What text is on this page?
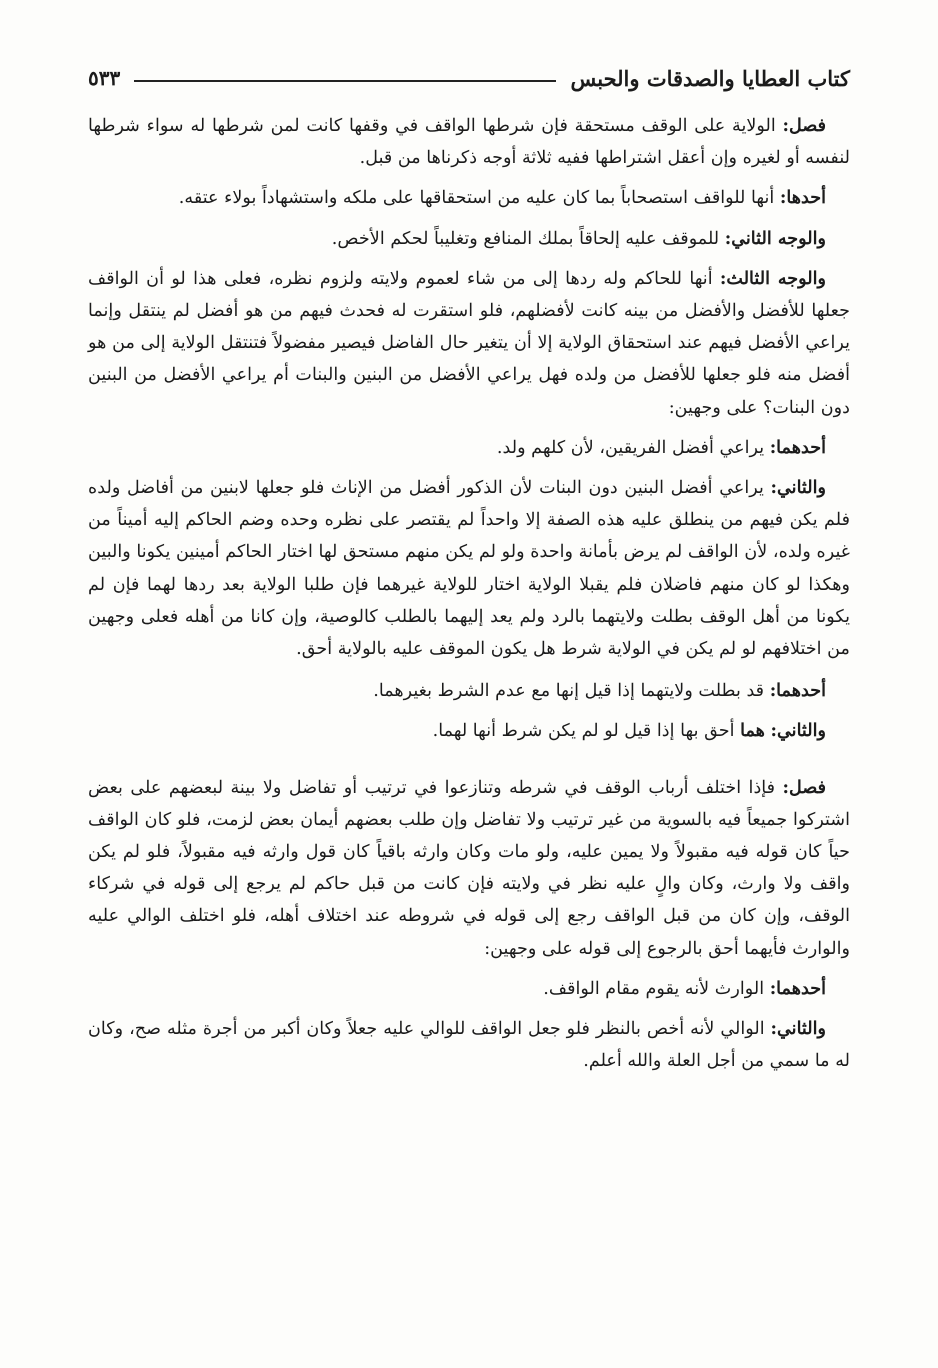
كتاب العطايا والصدقات والحبس
٥٣٣

فصل: الولاية على الوقف مستحقة فإن شرطها الواقف في وقفها كانت لمن شرطها له سواء شرطها لنفسه أو لغيره وإن أعقل اشتراطها ففيه ثلاثة أوجه ذكرناها من قبل.

أحدها: أنها للواقف استصحاباً بما كان عليه من استحقاقها على ملكه واستشهاداً بولاء عتقه.

والوجه الثاني: للموقف عليه إلحاقاً بملك المنافع وتغليباً لحكم الأخص.

والوجه الثالث: أنها للحاكم وله ردها إلى من شاء لعموم ولايته ولزوم نظره، فعلى هذا لو أن الواقف جعلها للأفضل والأفضل من بينه كانت لأفضلهم، فلو استقرت له فحدث فيهم من هو أفضل لم ينتقل وإنما يراعي الأفضل فيهم عند استحقاق الولاية إلا أن يتغير حال الفاضل فيصير مفضولاً فتنتقل الولاية إلى من هو أفضل منه فلو جعلها للأفضل من ولده فهل يراعي الأفضل من البنين والبنات أم يراعي الأفضل من البنين دون البنات؟ على وجهين:

أحدهما: يراعي أفضل الفريقين، لأن كلهم ولد.

والثاني: يراعي أفضل البنين دون البنات لأن الذكور أفضل من الإناث فلو جعلها لابنين من أفاضل ولده فلم يكن فيهم من ينطلق عليه هذه الصفة إلا واحداً لم يقتصر على نظره وحده وضم الحاكم إليه أميناً من غيره ولده، لأن الواقف لم يرض بأمانة واحدة ولو لم يكن منهم مستحق لها اختار الحاكم أمينين يكونا والبين وهكذا لو كان منهم فاضلان فلم يقبلا الولاية اختار للولاية غيرهما فإن طلبا الولاية بعد ردها لهما فإن لم يكونا من أهل الوقف بطلت ولايتهما بالرد ولم يعد إليهما بالطلب كالوصية، وإن كانا من أهله فعلى وجهين من اختلافهم لو لم يكن في الولاية شرط هل يكون الموقف عليه بالولاية أحق.

أحدهما: قد بطلت ولايتهما إذا قيل إنها مع عدم الشرط بغيرهما.

والثاني: هما أحق بها إذا قيل لو لم يكن شرط أنها لهما.

فصل: فإذا اختلف أرباب الوقف في شرطه وتنازعوا في ترتيب أو تفاضل ولا بينة لبعضهم على بعض اشتركوا جميعاً فيه بالسوية من غير ترتيب ولا تفاضل وإن طلب بعضهم أيمان بعض لزمت، فلو كان الواقف حياً كان قوله فيه مقبولاً ولا يمين عليه، ولو مات وكان وارثه باقياً كان قول وارثه فيه مقبولاً، فلو لم يكن واقف ولا وارث، وكان والٍ عليه نظر في ولايته فإن كانت من قبل حاكم لم يرجع إلى قوله في شركاء الوقف، وإن كان من قبل الواقف رجع إلى قوله في شروطه عند اختلاف أهله، فلو اختلف الوالي عليه والوارث فأيهما أحق بالرجوع إلى قوله على وجهين:

أحدهما: الوارث لأنه يقوم مقام الواقف.

والثاني: الوالي لأنه أخص بالنظر فلو جعل الواقف للوالي عليه جعلاً وكان أكبر من أجرة مثله صح، وكان له ما سمي من أجل العلة والله أعلم.
